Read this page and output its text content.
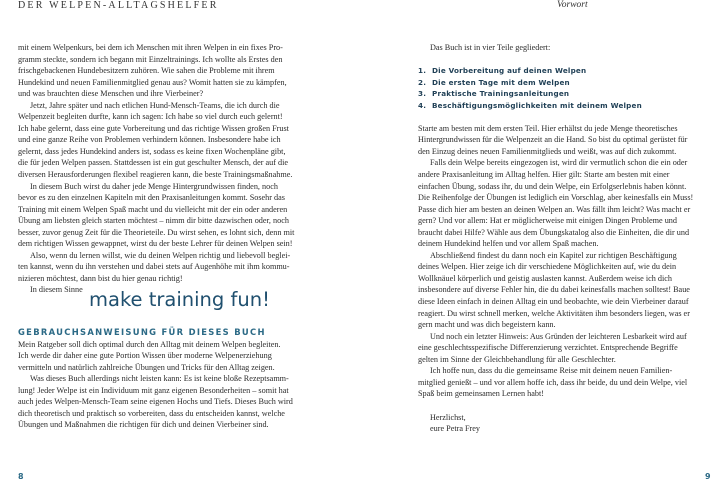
DER WELPEN-ALLTAGSHELFER	Vorwort
mit einem Welpenkurs, bei dem ich Menschen mit ihren Welpen in ein fixes Pro-
gramm steckte, sondern ich begann mit Einzeltrainings. Ich wollte als Erstes den
frischgebackenen Hundebesitzern zuhören. Wie sahen die Probleme mit ihrem
Hundekind und neuen Familienmitglied genau aus? Womit hatten sie zu kämpfen,
und was brauchten diese Menschen und ihre Vierbeiner?
Jetzt, Jahre später und nach etlichen Hund-Mensch-Teams, die ich durch die
Welpenzeit begleiten durfte, kann ich sagen: Ich habe so viel durch euch gelernt!
Ich habe gelernt, dass eine gute Vorbereitung und das richtige Wissen großen Frust
und eine ganze Reihe von Problemen verhindern können. Insbesondere habe ich
gelernt, dass jedes Hundekind anders ist, sodass es keine fixen Wochenpläne gibt,
die für jeden Welpen passen. Stattdessen ist ein gut geschulter Mensch, der auf die
diversen Herausforderungen flexibel reagieren kann, die beste Trainingsmaßnahme.
In diesem Buch wirst du daher jede Menge Hintergrundwissen finden, noch
bevor es zu den einzelnen Kapiteln mit den Praxisanleitungen kommt. Sosehr das
Training mit einem Welpen Spaß macht und du vielleicht mit der ein oder anderen
Übung am liebsten gleich starten möchtest – nimm dir bitte dazwischen oder, noch
besser, zuvor genug Zeit für die Theorieteile. Du wirst sehen, es lohnt sich, denn mit
dem richtigen Wissen gewappnet, wirst du der beste Lehrer für deinen Welpen sein!
Also, wenn du lernen willst, wie du deinen Welpen richtig und liebevoll beglei-
ten kannst, wenn du ihn verstehen und dabei stets auf Augenhöhe mit ihm kommu-
nizieren möchtest, dann bist du hier genau richtig!
In diesem Sinne make training fun!
GEBRAUCHSANWEISUNG FÜR DIESES BUCH
Mein Ratgeber soll dich optimal durch den Alltag mit deinem Welpen begleiten.
Ich werde dir daher eine gute Portion Wissen über moderne Welpenerziehung
vermitteln und natürlich zahlreiche Übungen und Tricks für den Alltag zeigen.
Was dieses Buch allerdings nicht leisten kann: Es ist keine bloße Rezeptsamm-
lung! Jeder Welpe ist ein Individuum mit ganz eigenen Besonderheiten – somit hat
auch jedes Welpen-Mensch-Team seine eigenen Hochs und Tiefs. Dieses Buch wird
dich theoretisch und praktisch so vorbereiten, dass du entscheiden kannst, welche
Übungen und Maßnahmen die richtigen für dich und deinen Vierbeiner sind.
Das Buch ist in vier Teile gegliedert:
1. Die Vorbereitung auf deinen Welpen
2. Die ersten Tage mit dem Welpen
3. Praktische Trainingsanleitungen
4. Beschäftigungsmöglichkeiten mit deinem Welpen
Starte am besten mit dem ersten Teil. Hier erhältst du jede Menge theoretisches
Hintergrundwissen für die Welpenzeit an die Hand. So bist du optimal gerüstet für
den Einzug deines neuen Familienmitglieds und weißt, was auf dich zukommt.
Falls dein Welpe bereits eingezogen ist, wird dir vermutlich schon die ein oder
andere Praxisanleitung im Alltag helfen. Hier gilt: Starte am besten mit einer
einfachen Übung, sodass ihr, du und dein Welpe, ein Erfolgserlebnis haben könnt.
Die Reihenfolge der Übungen ist lediglich ein Vorschlag, aber keinesfalls ein Muss!
Passe dich hier am besten an deinen Welpen an. Was fällt ihm leicht? Was macht er
gern? Und vor allem: Hat er möglicherweise mit einigen Dingen Probleme und
braucht dabei Hilfe? Wähle aus dem Übungskatalog also die Einheiten, die dir und
deinem Hundekind helfen und vor allem Spaß machen.
Abschließend findest du dann noch ein Kapitel zur richtigen Beschäftigung
deines Welpen. Hier zeige ich dir verschiedene Möglichkeiten auf, wie du dein
Wollknäuel körperlich und geistig auslasten kannst. Außerdem weise ich dich
insbesondere auf diverse Fehler hin, die du dabei keinesfalls machen solltest! Baue
diese Ideen einfach in deinen Alltag ein und beobachte, wie dein Vierbeiner darauf
reagiert. Du wirst schnell merken, welche Aktivitäten ihm besonders liegen, was er
gern macht und was dich begeistern kann.
Und noch ein letzter Hinweis: Aus Gründen der leichteren Lesbarkeit wird auf
eine geschlechtsspezifische Differenzierung verzichtet. Entsprechende Begriffe
gelten im Sinne der Gleichbehandlung für alle Geschlechter.
Ich hoffe nun, dass du die gemeinsame Reise mit deinem neuen Familien-
mitglied genießt – und vor allem hoffe ich, dass ihr beide, du und dein Welpe, viel
Spaß beim gemeinsamen Lernen habt!
Herzlichst,
eure Petra Frey
8	9
